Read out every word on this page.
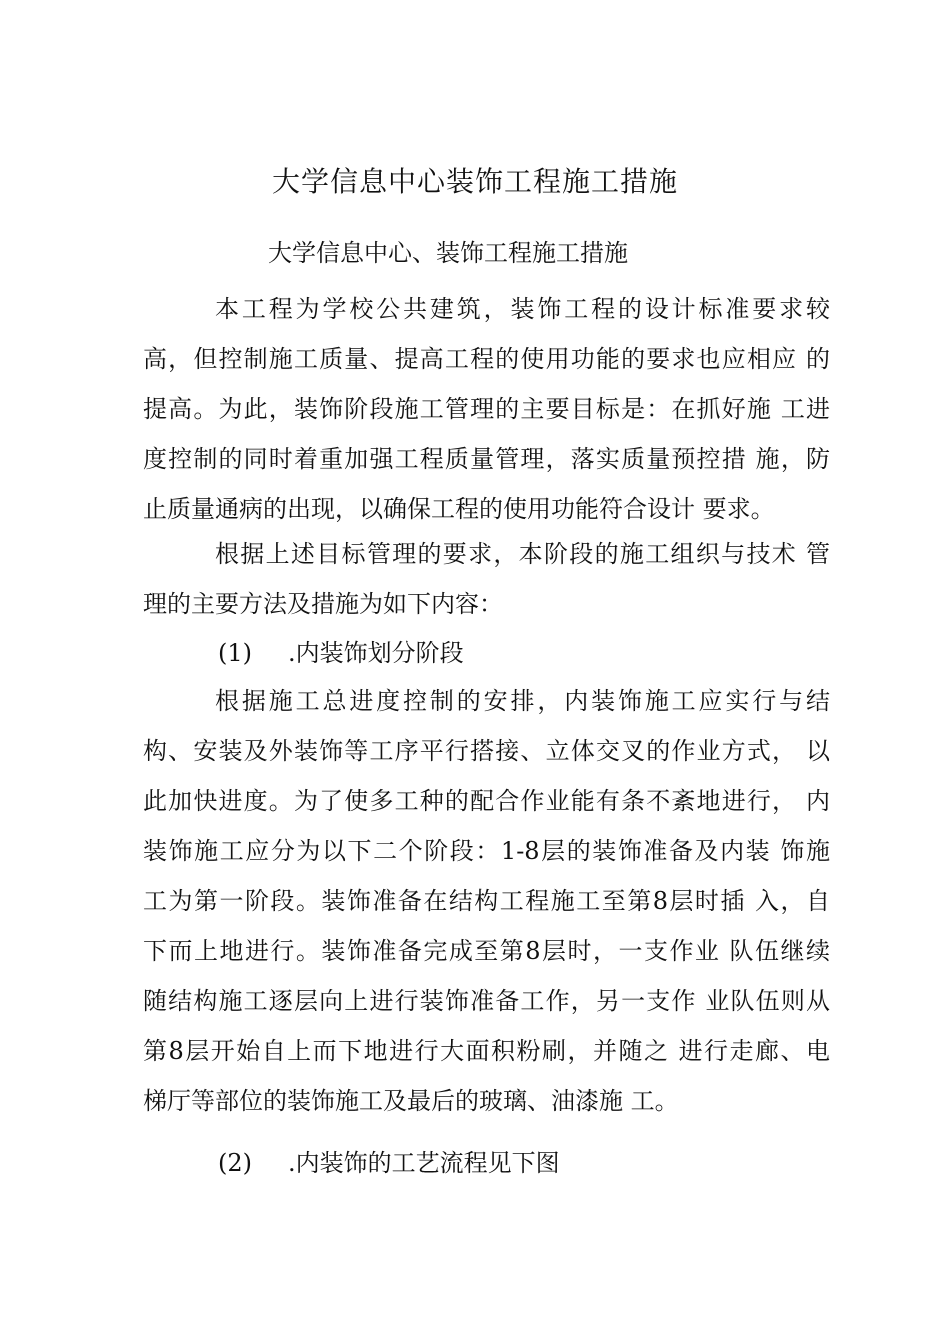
大学信息中心装饰工程施工措施
大学信息中心、装饰工程施工措施
本工程为学校公共建筑，装饰工程的设计标准要求较
高，但控制施工质量、提高工程的使用功能的要求也应相应 的
提高。为此，装饰阶段施工管理的主要目标是：在抓好施 工进
度控制的同时着重加强工程质量管理，落实质量预控措 施，防
止质量通病的出现，以确保工程的使用功能符合设计 要求。
根据上述目标管理的要求，本阶段的施工组织与技术 管
理的主要方法及措施为如下内容：
(1) .内装饰划分阶段
根据施工总进度控制的安排，内装饰施工应实行与结
构、安装及外装饰等工序平行搭接、立体交叉的作业方式， 以
此加快进度。为了使多工种的配合作业能有条不紊地进行， 内
装饰施工应分为以下二个阶段：1-8层的装饰准备及内装 饰施
工为第一阶段。装饰准备在结构工程施工至第8层时插 入，自
下而上地进行。装饰准备完成至第8层时，一支作业 队伍继续
随结构施工逐层向上进行装饰准备工作，另一支作 业队伍则从
第8层开始自上而下地进行大面积粉刷，并随之 进行走廊、电
梯厅等部位的装饰施工及最后的玻璃、油漆施 工。
(2) .内装饰的工艺流程见下图
